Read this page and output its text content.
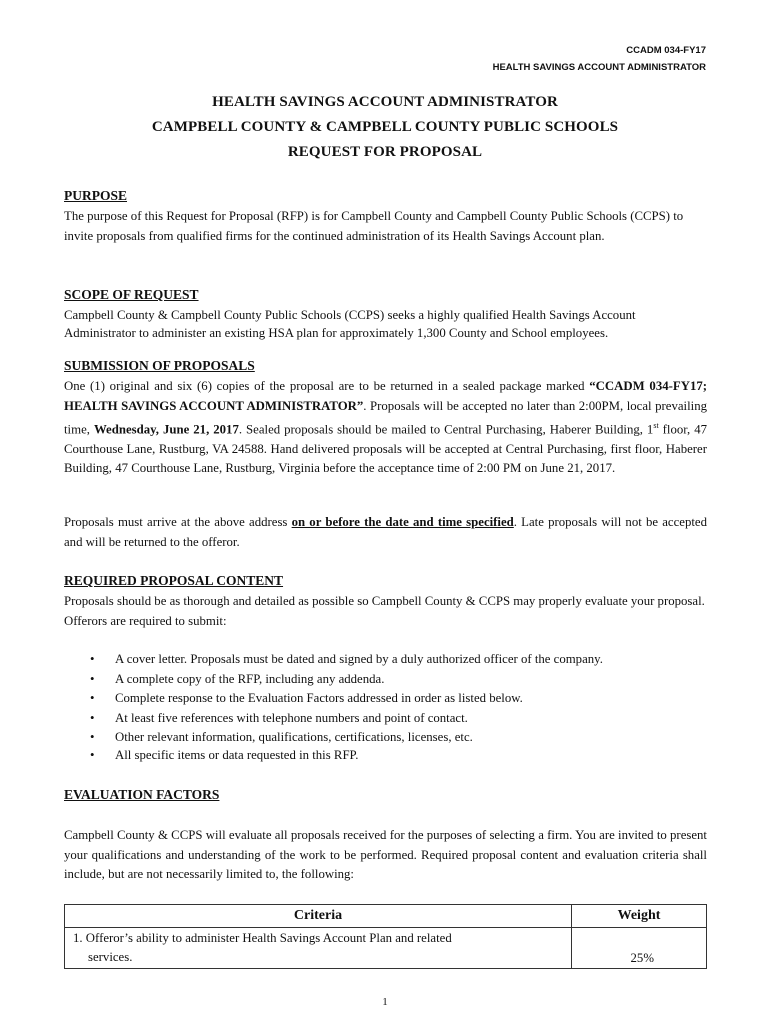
CCADM 034-FY17
HEALTH SAVINGS ACCOUNT ADMINISTRATOR
HEALTH SAVINGS ACCOUNT ADMINISTRATOR
CAMPBELL COUNTY & CAMPBELL COUNTY PUBLIC SCHOOLS
REQUEST FOR PROPOSAL
PURPOSE
The purpose of this Request for Proposal (RFP) is for Campbell County and Campbell County Public Schools (CCPS) to invite proposals from qualified firms for the continued administration of its Health Savings Account plan.
SCOPE OF REQUEST
Campbell County & Campbell County Public Schools (CCPS) seeks a highly qualified Health Savings Account
Administrator to administer an existing HSA plan for approximately 1,300 County and School employees.
SUBMISSION OF PROPOSALS
One (1) original and six (6) copies of the proposal are to be returned in a sealed package marked “CCADM 034-FY17; HEALTH SAVINGS ACCOUNT ADMINISTRATOR”. Proposals will be accepted no later than 2:00PM, local prevailing time, Wednesday, June 21, 2017. Sealed proposals should be mailed to Central Purchasing, Haberer Building, 1st floor, 47 Courthouse Lane, Rustburg, VA 24588. Hand delivered proposals will be accepted at Central Purchasing, first floor, Haberer Building, 47 Courthouse Lane, Rustburg, Virginia before the acceptance time of 2:00 PM on June 21, 2017.
Proposals must arrive at the above address on or before the date and time specified. Late proposals will not be accepted and will be returned to the offeror.
REQUIRED PROPOSAL CONTENT
Proposals should be as thorough and detailed as possible so Campbell County & CCPS may properly evaluate your proposal. Offerors are required to submit:
• A cover letter. Proposals must be dated and signed by a duly authorized officer of the company.
• A complete copy of the RFP, including any addenda.
• Complete response to the Evaluation Factors addressed in order as listed below.
• At least five references with telephone numbers and point of contact.
• Other relevant information, qualifications, certifications, licenses, etc.
• All specific items or data requested in this RFP.
EVALUATION FACTORS
Campbell County & CCPS will evaluate all proposals received for the purposes of selecting a firm. You are invited to present your qualifications and understanding of the work to be performed. Required proposal content and evaluation criteria shall include, but are not necessarily limited to, the following:
Criteria	Weight

1. Offeror’s ability to administer Health Savings Account Plan and related
services.	25%
1
